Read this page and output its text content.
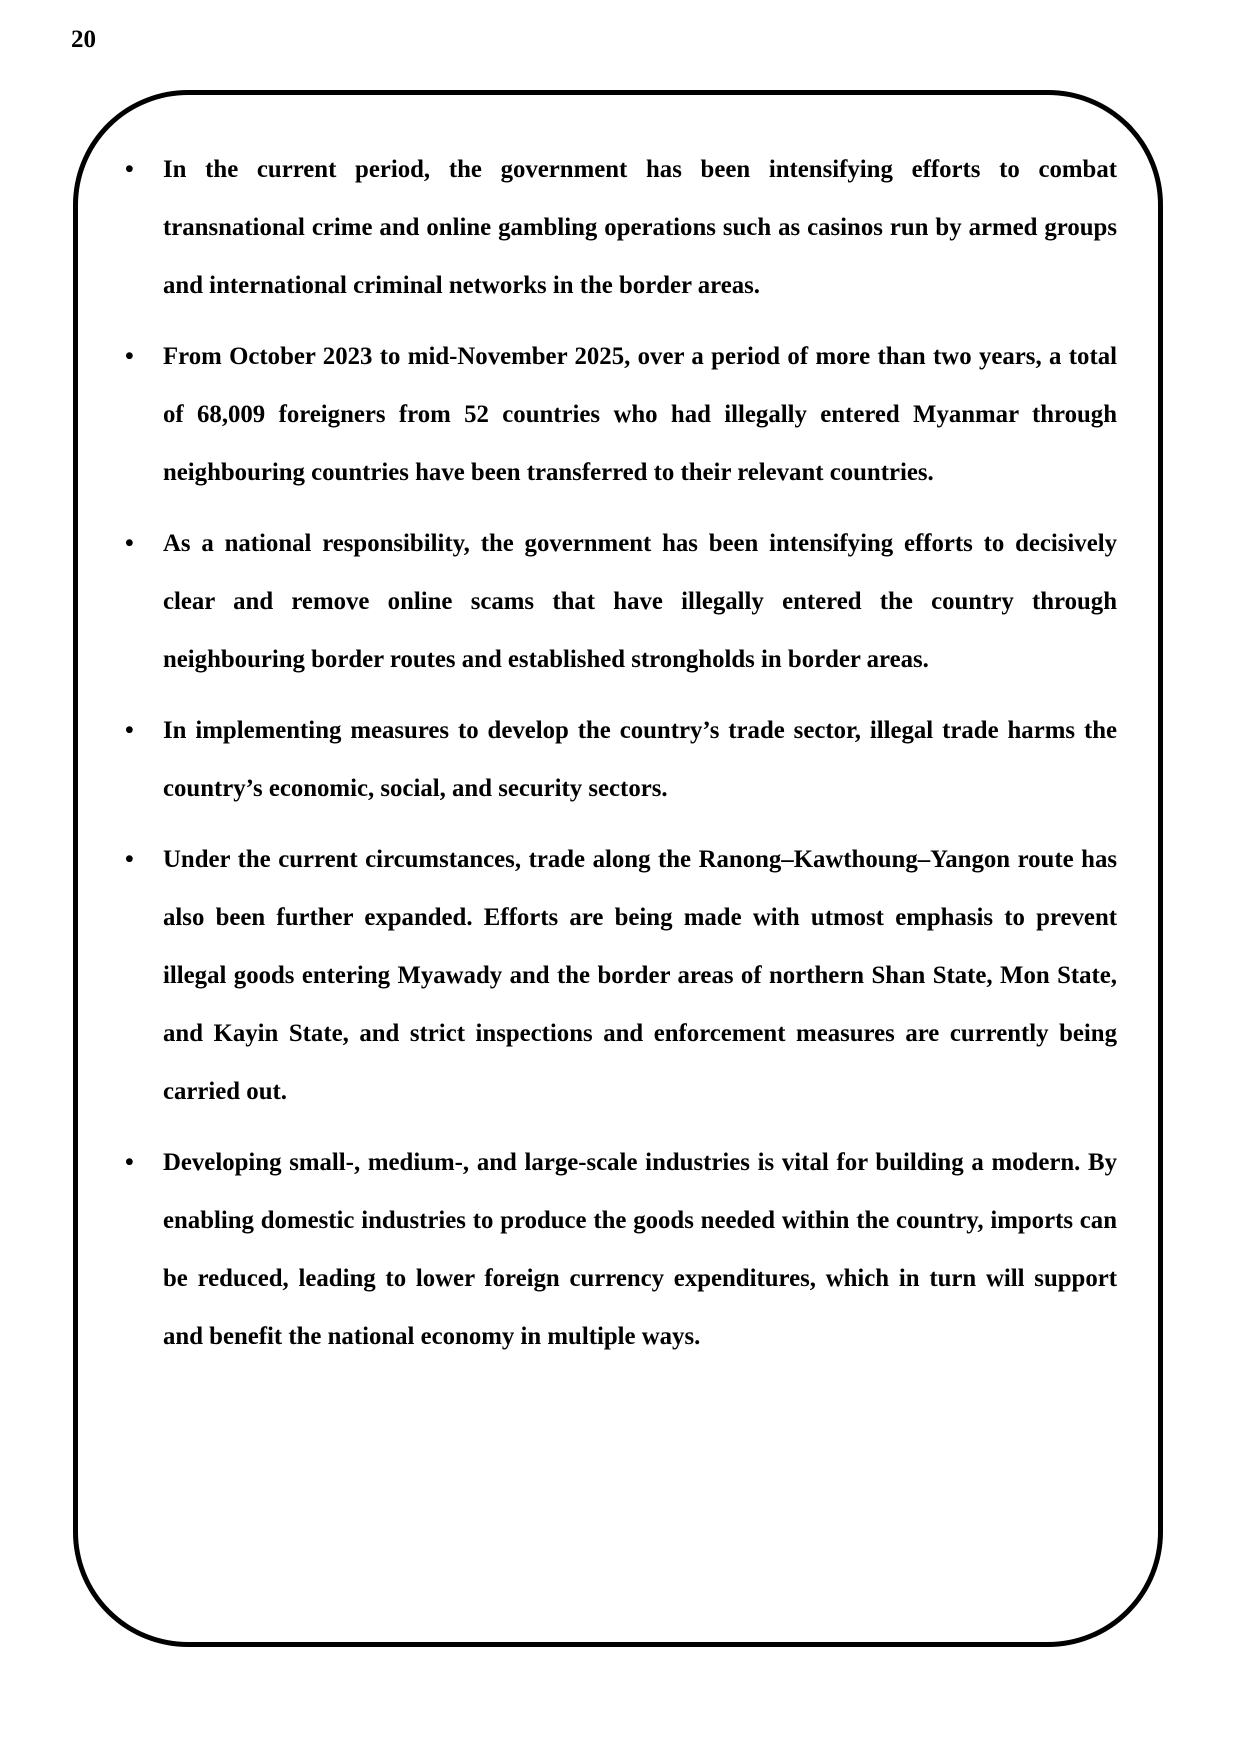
20
•	In the current period, the government has been intensifying efforts to combat transnational crime and online gambling operations such as casinos run by armed groups and international criminal networks in the border areas.
•	From October 2023 to mid-November 2025, over a period of more than two years, a total of 68,009 foreigners from 52 countries who had illegally entered Myanmar through neighbouring countries have been transferred to their relevant countries.
•	As a national responsibility, the government has been intensifying efforts to decisively clear and remove online scams that have illegally entered the country through neighbouring border routes and established strongholds in border areas.
•	In implementing measures to develop the country’s trade sector, illegal trade harms the country’s economic, social, and security sectors.
•	Under the current circumstances, trade along the Ranong–Kawthoung–Yangon route has also been further expanded. Efforts are being made with utmost emphasis to prevent illegal goods entering Myawady and the border areas of northern Shan State, Mon State, and Kayin State, and strict inspections and enforcement measures are currently being carried out.
•	Developing small-, medium-, and large-scale industries is vital for building a modern. By enabling domestic industries to produce the goods needed within the country, imports can be reduced, leading to lower foreign currency expenditures, which in turn will support and benefit the national economy in multiple ways.
